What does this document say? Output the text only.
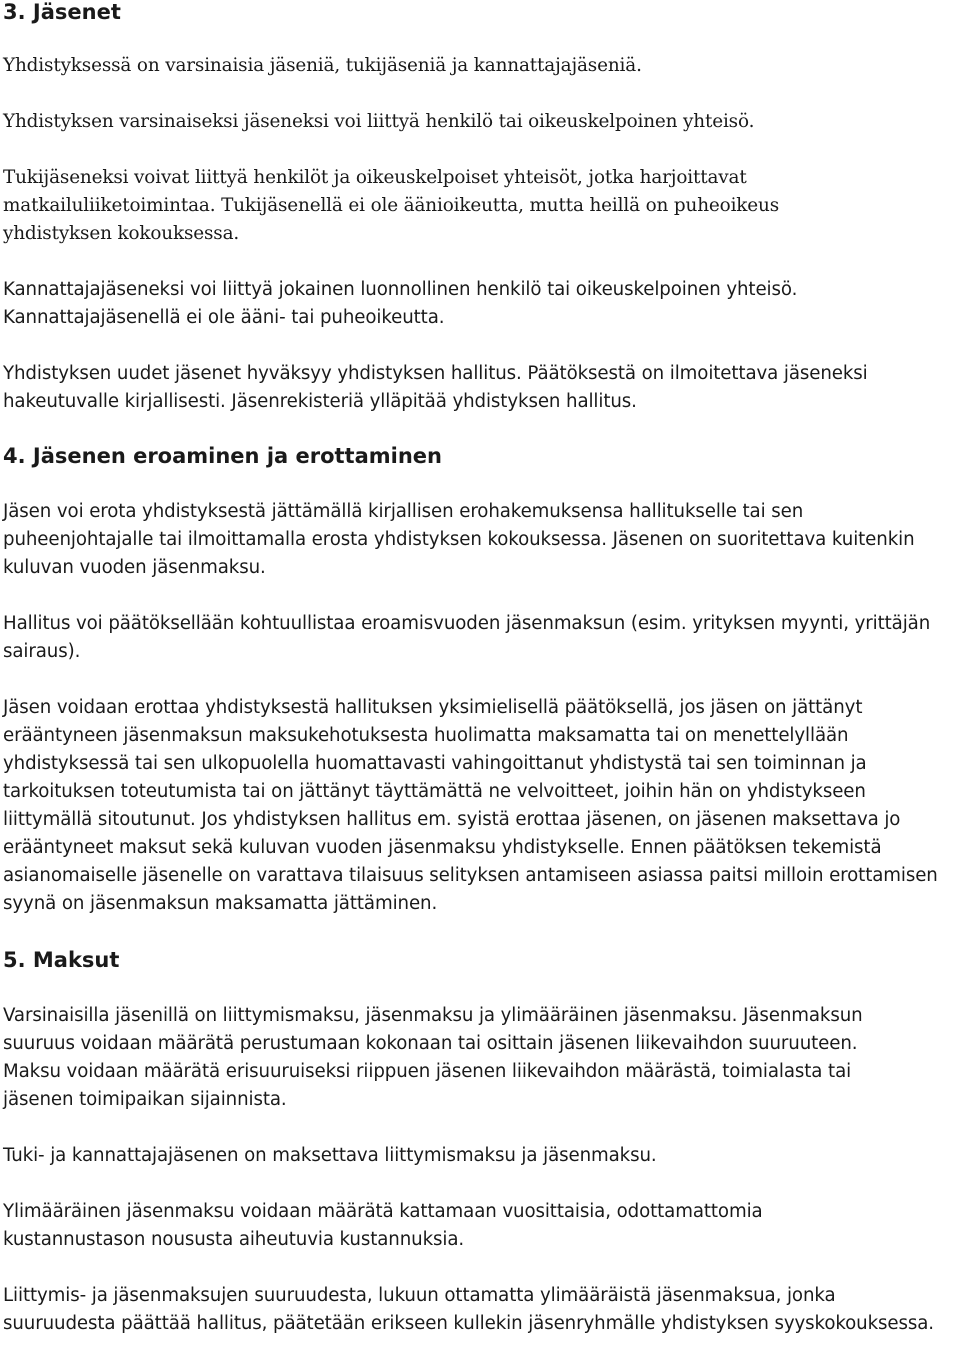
3. Jäsenet

Yhdistyksessä on varsinaisia jäseniä, tukijäseniä ja kannattajajäseniä.

Yhdistyksen varsinaiseksi jäseneksi voi liittyä henkilö tai oikeuskelpoinen yhteisö.

Tukijäseneksi voivat liittyä henkilöt ja oikeuskelpoiset yhteisöt, jotka harjoittavat matkailuliiketoimintaa. Tukijäsenellä ei ole äänioikeutta, mutta heillä on puheoikeus yhdistyksen kokouksessa.

Kannattajajäseneksi voi liittyä jokainen luonnollinen henkilö tai oikeuskelpoinen yhteisö. Kannattajajäsenellä ei ole ääni- tai puheoikeutta.

Yhdistyksen uudet jäsenet hyväksyy yhdistyksen hallitus. Päätöksestä on ilmoitettava jäseneksi hakeutuvalle kirjallisesti. Jäsenrekisteriä ylläpitää yhdistyksen hallitus.

4. Jäsenen eroaminen ja erottaminen

Jäsen voi erota yhdistyksestä jättämällä kirjallisen erohakemuksensa hallitukselle tai sen puheenjohtajalle tai ilmoittamalla erosta yhdistyksen kokouksessa. Jäsenen on suoritettava kuitenkin kuluvan vuoden jäsenmaksu.

Hallitus voi päätöksellään kohtuullistaa eroamisvuoden jäsenmaksun (esim. yrityksen myynti, yrittäjän sairaus).

Jäsen voidaan erottaa yhdistyksestä hallituksen yksimielisellä päätöksellä, jos jäsen on jättänyt erääntyneen jäsenmaksun maksukehotuksesta huolimatta maksamatta tai on menettelyllään yhdistyksessä tai sen ulkopuolella huomattavasti vahingoittanut yhdistystä tai sen toiminnan ja tarkoituksen toteutumista tai on jättänyt täyttämättä ne velvoitteet, joihin hän on yhdistykseen liittymällä sitoutunut. Jos yhdistyksen hallitus em. syistä erottaa jäsenen, on jäsenen maksettava jo erääntyneet maksut sekä kuluvan vuoden jäsenmaksu yhdistykselle. Ennen päätöksen tekemistä asianomaiselle jäsenelle on varattava tilaisuus selityksen antamiseen asiassa paitsi milloin erottamisen syynä on jäsenmaksun maksamatta jättäminen.

5. Maksut

Varsinaisilla jäsenillä on liittymismaksu, jäsenmaksu ja ylimääräinen jäsenmaksu. Jäsenmaksun suuruus voidaan määrätä perustumaan kokonaan tai osittain jäsenen liikevaihdon suuruuteen. Maksu voidaan määrätä erisuuruiseksi riippuen jäsenen liikevaihdon määrästä, toimialasta tai jäsenen toimipaikan sijainnista.

Tuki- ja kannattajajäsenen on maksettava liittymismaksu ja jäsenmaksu.

Ylimääräinen jäsenmaksu voidaan määrätä kattamaan vuosittaisia, odottamattomia kustannustason noususta aiheutuvia kustannuksia.

Liittymis- ja jäsenmaksujen suuruudesta, lukuun ottamatta ylimääräistä jäsenmaksua, jonka suuruudesta päättää hallitus, päätetään erikseen kullekin jäsenryhmälle yhdistyksen syyskokouksessa.
